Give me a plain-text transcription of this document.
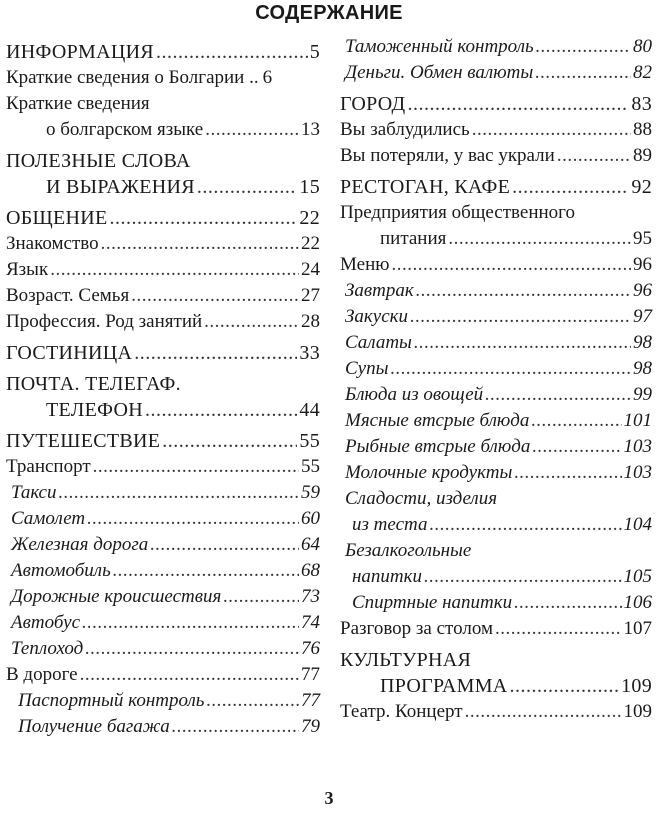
СОДЕРЖАНИЕ
ИНФОРМАЦИЯ .....	5
Краткие сведения о Болгарии .. 6
Краткие сведения
о болгарском языке .....	13
ПОЛЕЗНЫЕ СЛОВА
И ВЫРАЖЕНИЯ .....	15
ОБЩЕНИЕ .....	22
Знакомство .....	22
Язык .....	24
Возраст. Семья .....	27
Профессия. Род занятий .....	28
ГОСТИНИЦА .....	33
ПОЧТА. ТЕЛЕГАФ.
ТЕЛЕФОН .....	44
ПУТЕШЕСТВИЕ .....	55
Транспорт .....	55
Такси .....	59
Самолет .....	60
Железная дорога .....	64
Автомобиль .....	68
Дорожные кроисшествия .....	73
Автобус .....	74
Теплоход .....	76
В дороге .....	77
Паспортный контроль .....	77
Получение багажа .....	79
Таможенный контроль .....	80
Деньги. Обмен валюты .....	82
ГОРОД .....	83
Вы заблудились .....	88
Вы потеряли, у вас украли .....	89
РЕСТОГАН, КАФЕ .....	92
Предприятия общественного
питания .....	95
Меню .....	96
Завтрак .....	96
Закуски .....	97
Салаты .....	98
Супы .....	98
Блюда из овощей .....	99
Мясные втсрые блюда .....	101
Рыбные втсрые блюда .....	103
Молочные кродукты .....	103
Сладости, изделия
из теста .....	104
Безалкогольные
напитки .....	105
Спиртные напитки .....	106
Разговор за столом .....	107
КУЛЬТУРНАЯ
ПРОГРАММА .....	109
Театр. Концерт .....	109
3
